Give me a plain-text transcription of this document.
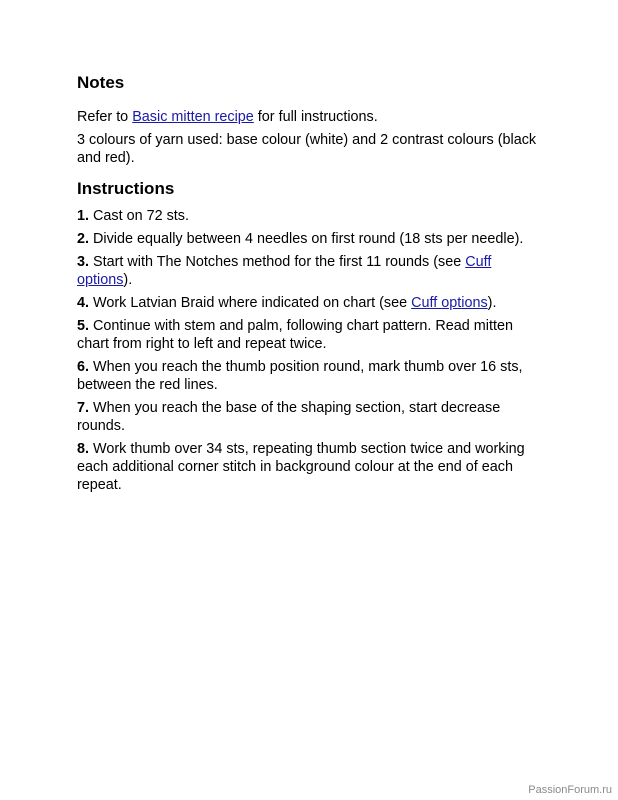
Notes

Refer to Basic mitten recipe for full instructions.

3 colours of yarn used: base colour (white) and 2 contrast colours (black and red).

Instructions
1. Cast on 72 sts.
2. Divide equally between 4 needles on first round (18 sts per needle).
3. Start with The Notches method for the first 11 rounds (see Cuff options).
4. Work Latvian Braid where indicated on chart (see Cuff options).
5. Continue with stem and palm, following chart pattern. Read mitten chart from right to left and repeat twice.
6. When you reach the thumb position round, mark thumb over 16 sts, between the red lines.
7. When you reach the base of the shaping section, start decrease rounds.
8. Work thumb over 34 sts, repeating thumb section twice and working each additional corner stitch in background colour at the end of each repeat.
PassionForum.ru
